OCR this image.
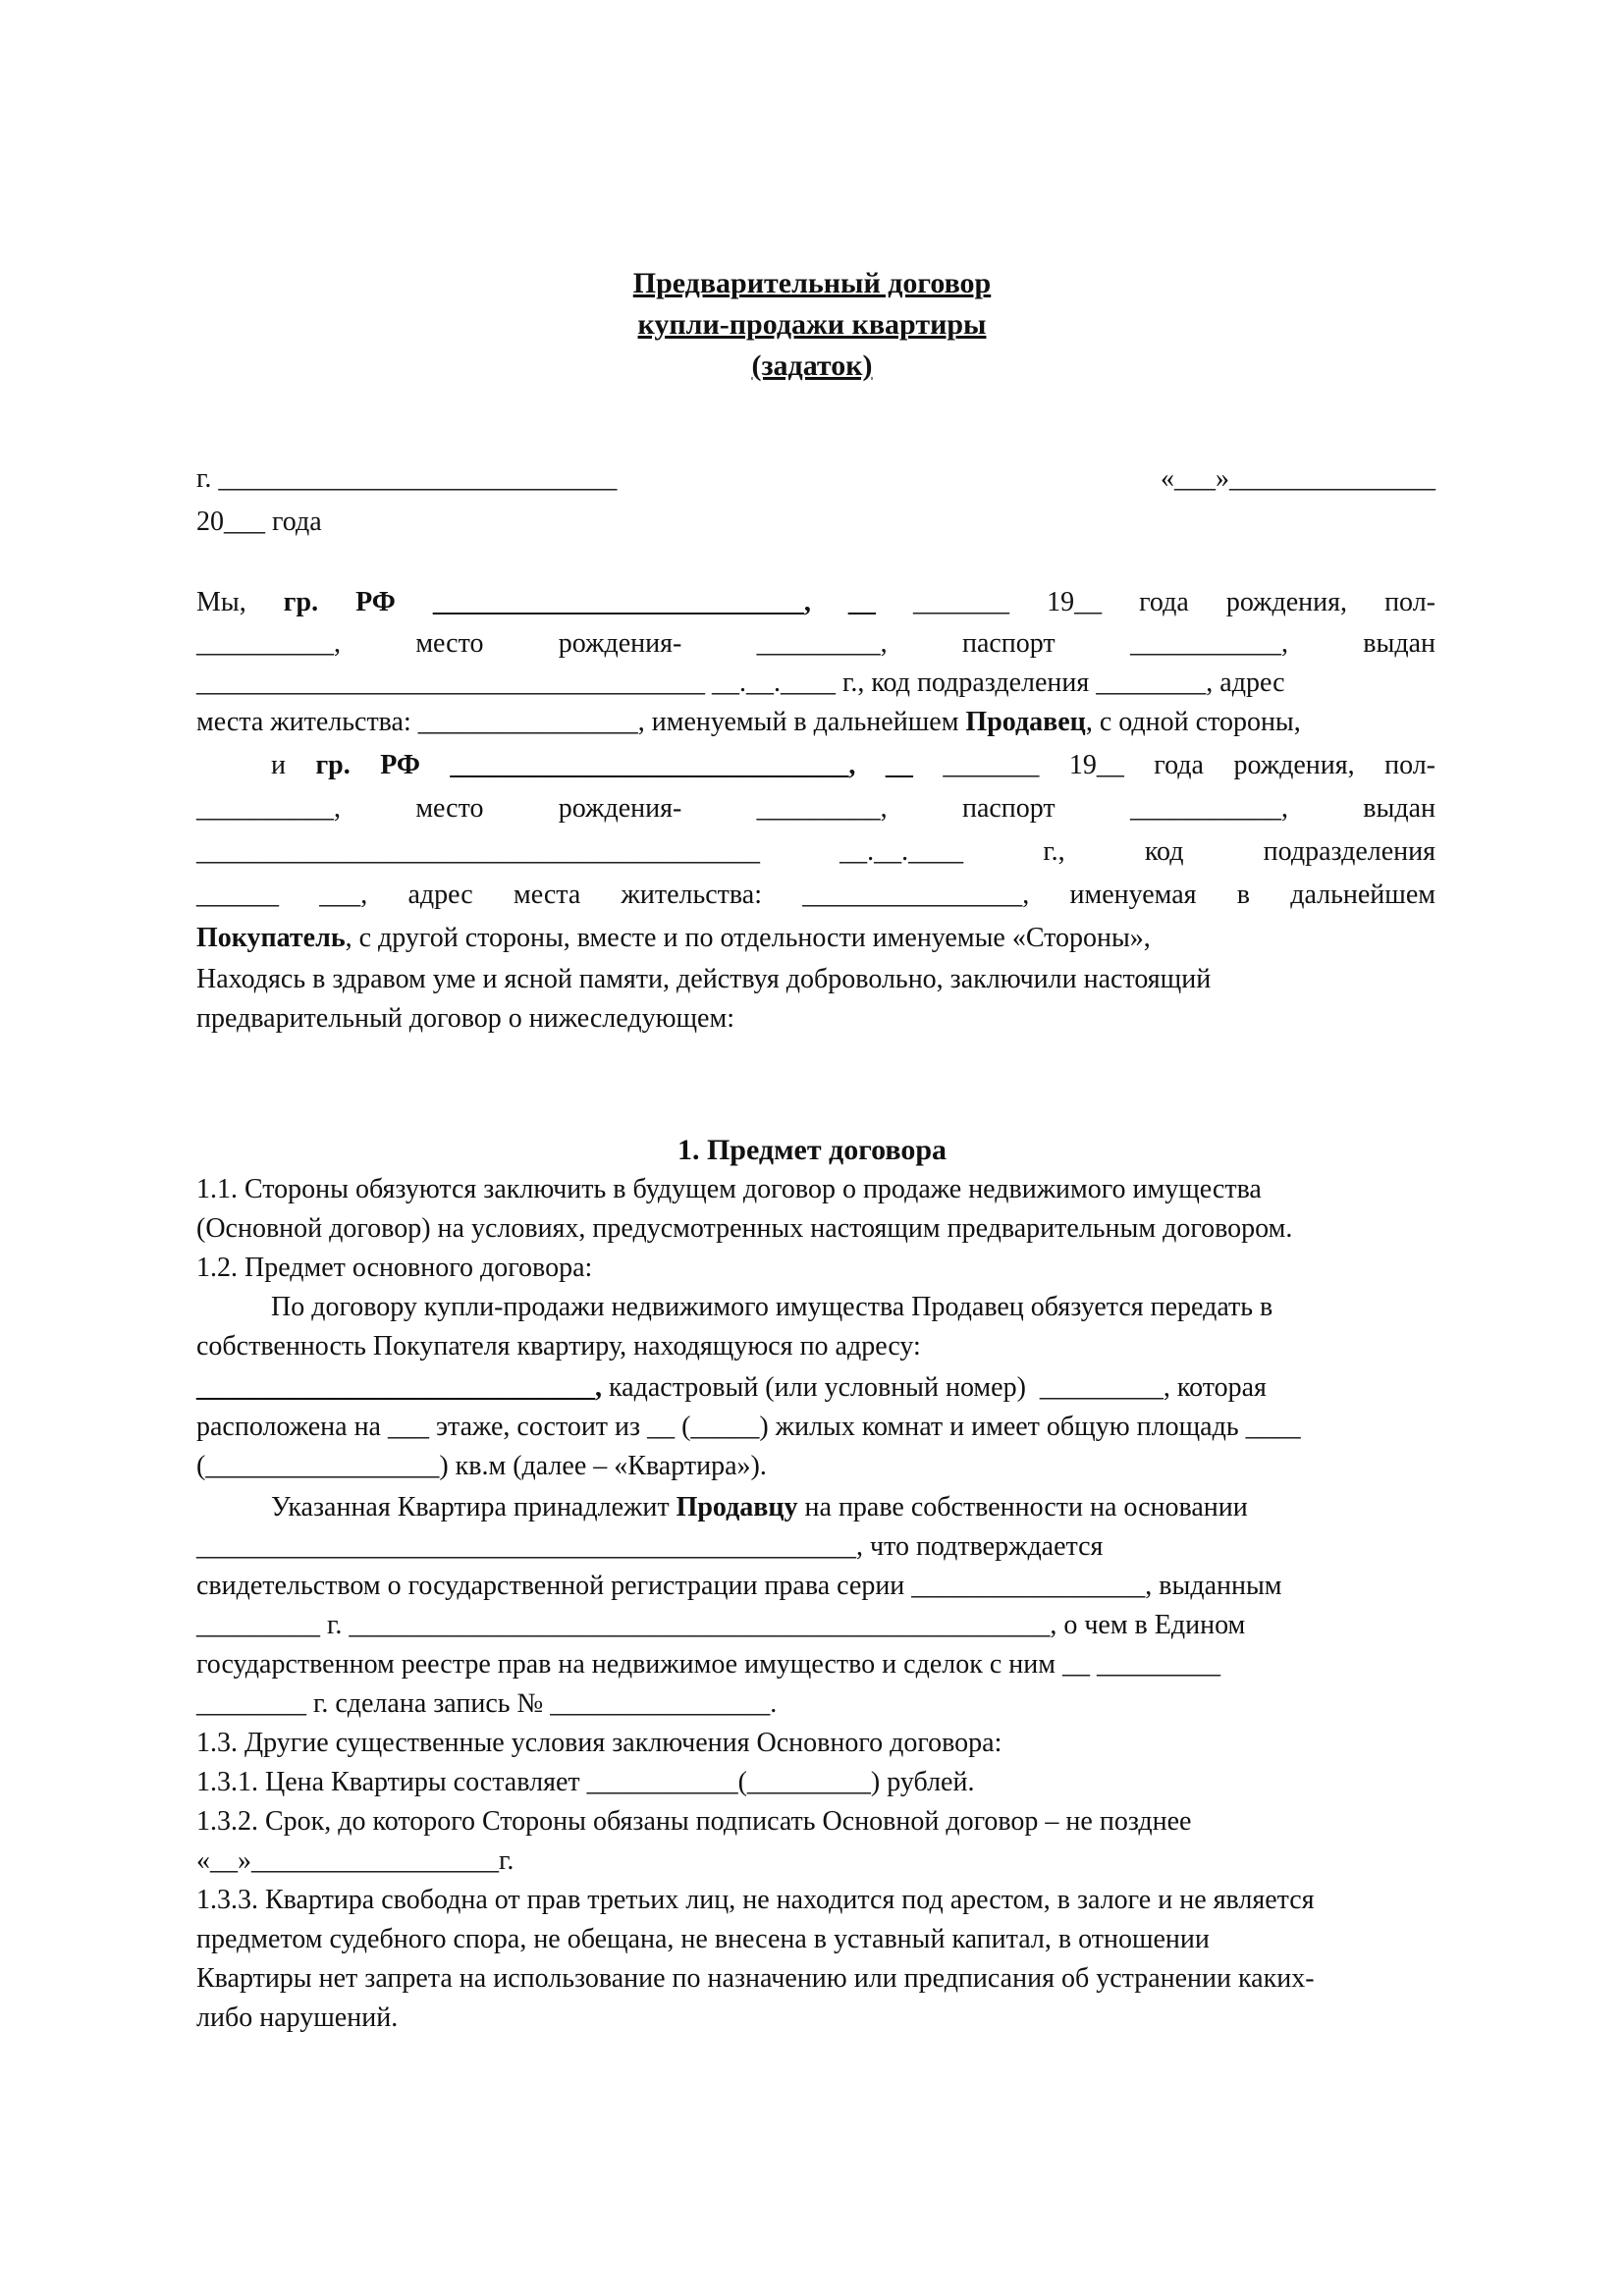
Предварительный договор
купли-продажи квартиры
(задаток)
г. _____________________________	«___»_______________
20___ года
Мы, гр. РФ ___________________________, __ _______ 19__ года рождения, пол-
__________, место рождения- _________, паспорт ___________, выдан
_____________________________________ __.__.____ г., код подразделения ________, адрес
места жительства: ________________, именуемый в дальнейшем Продавец, с одной стороны,
и гр. РФ _____________________________, __ _______ 19__ года рождения, пол-
__________, место рождения- _________, паспорт ___________, выдан
_________________________________________ __.__.____ г., код подразделения
______ ___, адрес места жительства: ________________, именуемая в дальнейшем
Покупатель, с другой стороны, вместе и по отдельности именуемые «Стороны»,
Находясь в здравом уме и ясной памяти, действуя добровольно, заключили настоящий
предварительный договор о нижеследующем:
1. Предмет договора
1.1. Стороны обязуются заключить в будущем договор о продаже недвижимого имущества
(Основной договор) на условиях, предусмотренных настоящим предварительным договором.
1.2. Предмет основного договора:
По договору купли-продажи недвижимого имущества Продавец обязуется передать в
собственность Покупателя квартиру, находящуюся по адресу:
_____________________________, кадастровый (или условный номер)  _________, которая
расположена на ___ этаже, состоит из __ (_____) жилых комнат и имеет общую площадь ____
(_________________) кв.м (далее – «Квартира»).
Указанная Квартира принадлежит Продавцу на праве собственности на основании
________________________________________________, что подтверждается
свидетельством о государственной регистрации права серии _________________, выданным
_________ г. ___________________________________________________, о чем в Едином
государственном реестре прав на недвижимое имущество и сделок с ним __ _________
________ г. сделана запись № ________________.
1.3. Другие существенные условия заключения Основного договора:
1.3.1. Цена Квартиры составляет ___________(_________) рублей.
1.3.2. Срок, до которого Стороны обязаны подписать Основной договор – не позднее
«__»__________________г.
1.3.3. Квартира свободна от прав третьих лиц, не находится под арестом, в залоге и не является
предметом судебного спора, не обещана, не внесена в уставный капитал, в отношении
Квартиры нет запрета на использование по назначению или предписания об устранении каких-
либо нарушений.
